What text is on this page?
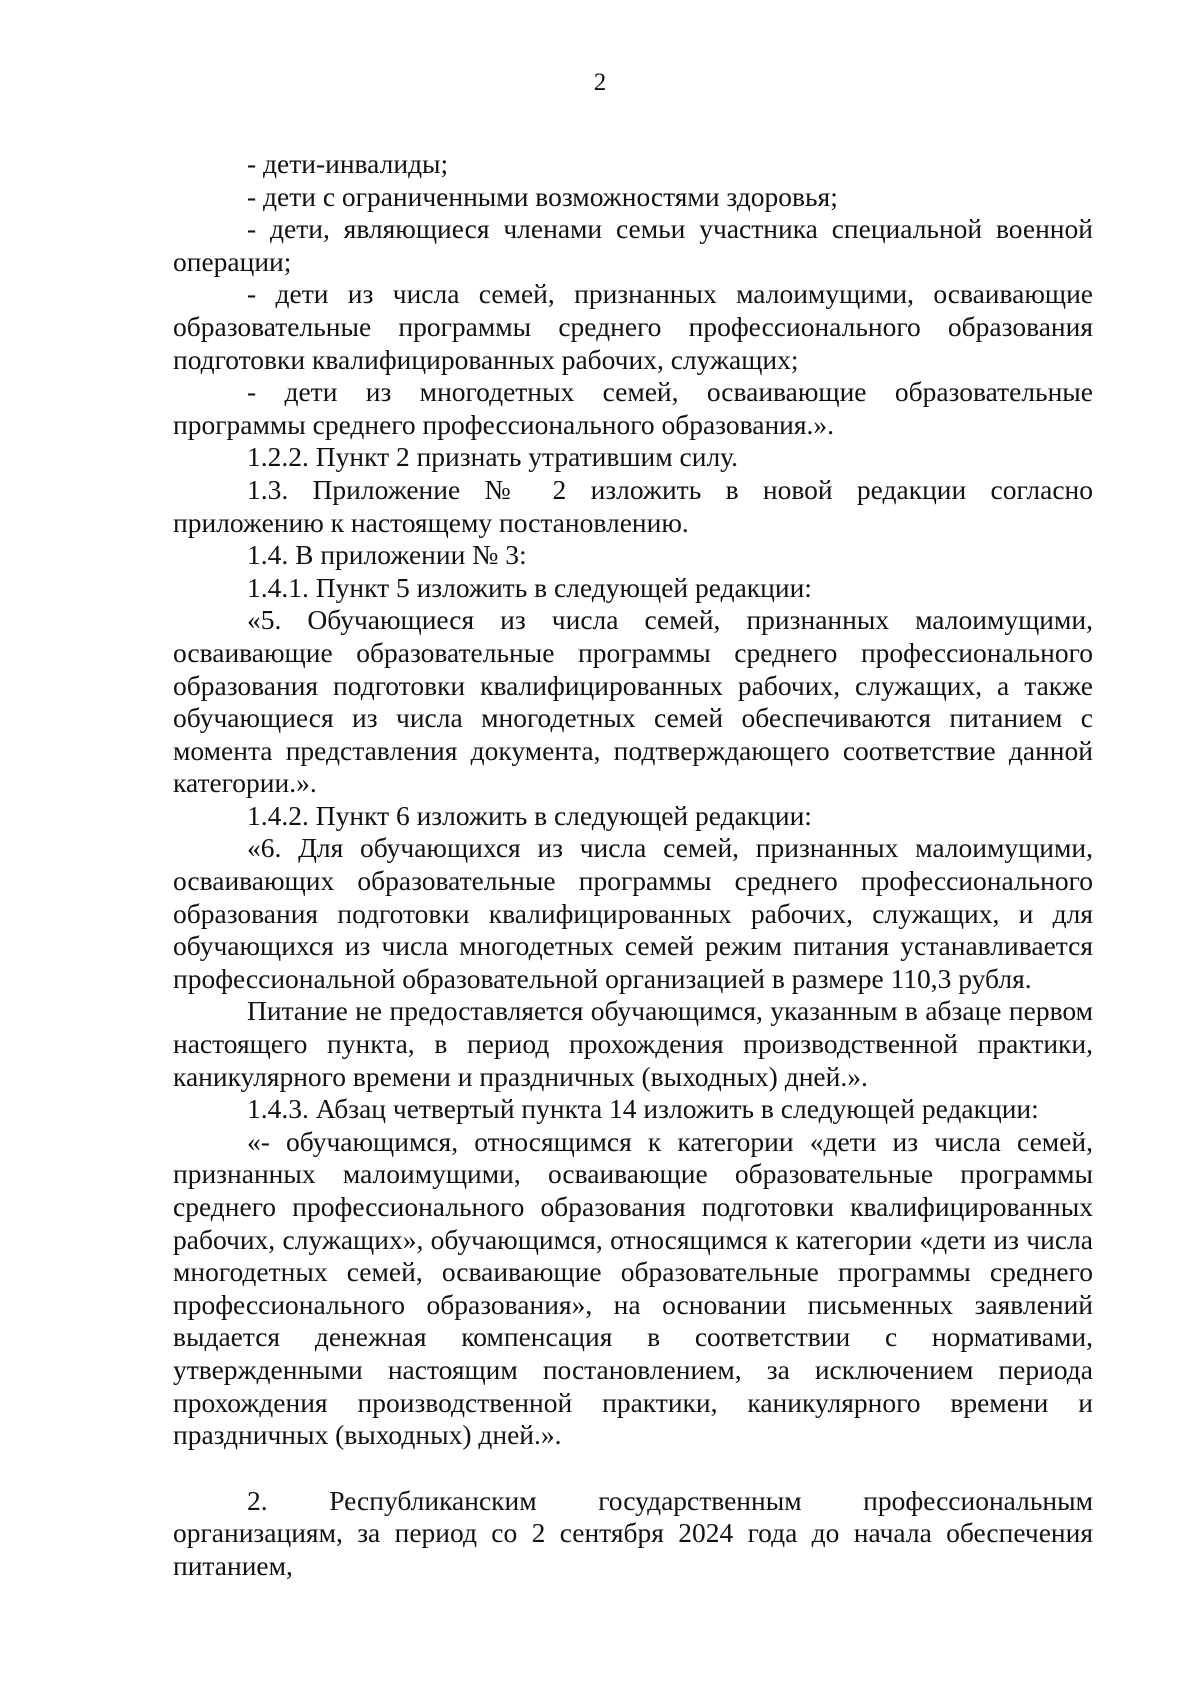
2

- дети-инвалиды;

- дети с ограниченными возможностями здоровья;

- дети, являющиеся членами семьи участника специальной военной операции;

- дети из числа семей, признанных малоимущими, осваивающие образовательные программы среднего профессионального образования подготовки квалифицированных рабочих, служащих;

- дети из многодетных семей, осваивающие образовательные программы среднего профессионального образования.».

1.2.2. Пункт 2 признать утратившим силу.

1.3. Приложение № 2 изложить в новой редакции согласно приложению к настоящему постановлению.

1.4. В приложении № 3:

1.4.1. Пункт 5 изложить в следующей редакции:

«5. Обучающиеся из числа семей, признанных малоимущими, осваивающие образовательные программы среднего профессионального образования подготовки квалифицированных рабочих, служащих, а также обучающиеся из числа многодетных семей обеспечиваются питанием с момента представления документа, подтверждающего соответствие данной категории.».

1.4.2. Пункт 6 изложить в следующей редакции:

«6. Для обучающихся из числа семей, признанных малоимущими, осваивающих образовательные программы среднего профессионального образования подготовки квалифицированных рабочих, служащих, и для обучающихся из числа многодетных семей режим питания устанавливается профессиональной образовательной организацией в размере 110,3 рубля.

Питание не предоставляется обучающимся, указанным в абзаце первом настоящего пункта, в период прохождения производственной практики, каникулярного времени и праздничных (выходных) дней.».

1.4.3. Абзац четвертый пункта 14 изложить в следующей редакции:

«- обучающимся, относящимся к категории «дети из числа семей, признанных малоимущими, осваивающие образовательные программы среднего профессионального образования подготовки квалифицированных рабочих, служащих», обучающимся, относящимся к категории «дети из числа многодетных семей, осваивающие образовательные программы среднего профессионального образования», на основании письменных заявлений выдается денежная компенсация в соответствии с нормативами, утвержденными настоящим постановлением, за исключением периода прохождения производственной практики, каникулярного времени и праздничных (выходных) дней.».

2. Республиканским государственным профессиональным организациям, за период со 2 сентября 2024 года до начала обеспечения питанием,
